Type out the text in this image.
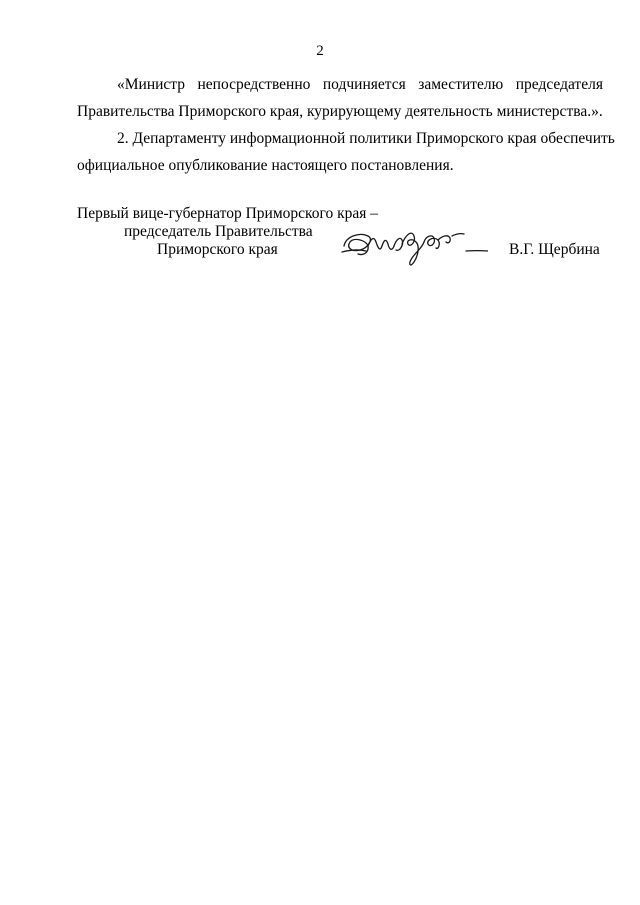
2
«Министр непосредственно подчиняется заместителю председателя
Правительства Приморского края, курирующему деятельность министерства.».
2. Департаменту информационной политики Приморского края обеспечить
официальное опубликование настоящего постановления.
Первый вице-губернатор Приморского края –
председатель Правительства
Приморского края	В.Г. Щербина
